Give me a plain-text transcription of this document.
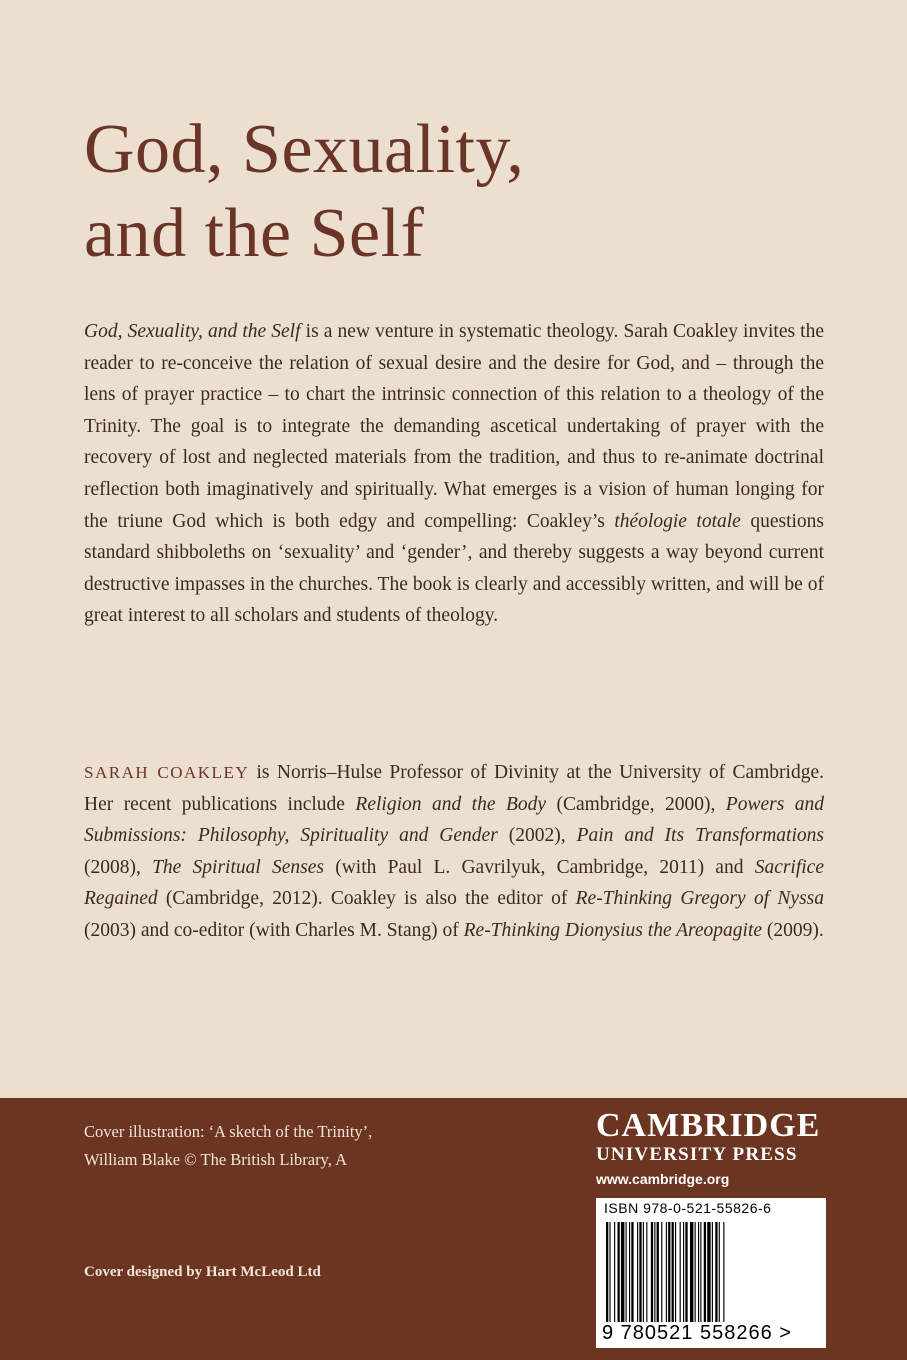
God, Sexuality,
and the Self

God, Sexuality, and the Self is a new venture in systematic theology. Sarah Coakley invites the reader to re-conceive the relation of sexual desire and the desire for God, and – through the lens of prayer practice – to chart the intrinsic connection of this relation to a theology of the Trinity. The goal is to integrate the demanding ascetical undertaking of prayer with the recovery of lost and neglected materials from the tradition, and thus to re-animate doctrinal reflection both imaginatively and spiritually. What emerges is a vision of human longing for the triune God which is both edgy and compelling: Coakley’s théologie totale questions standard shibboleths on ‘sexuality’ and ‘gender’, and thereby suggests a way beyond current destructive impasses in the churches. The book is clearly and accessibly written, and will be of great interest to all scholars and students of theology.

SARAH COAKLEY is Norris–Hulse Professor of Divinity at the University of Cambridge. Her recent publications include Religion and the Body (Cambridge, 2000), Powers and Submissions: Philosophy, Spirituality and Gender (2002), Pain and Its Transformations (2008), The Spiritual Senses (with Paul L. Gavrilyuk, Cambridge, 2011) and Sacrifice Regained (Cambridge, 2012). Coakley is also the editor of Re-Thinking Gregory of Nyssa (2003) and co-editor (with Charles M. Stang) of Re-Thinking Dionysius the Areopagite (2009).

Cover illustration: ‘A sketch of the Trinity’,
William Blake © The British Library, A

Cover designed by Hart McLeod Ltd

CAMBRIDGE
UNIVERSITY PRESS
www.cambridge.org
ISBN 978-0-521-55826-6
9 780521 558266 >
